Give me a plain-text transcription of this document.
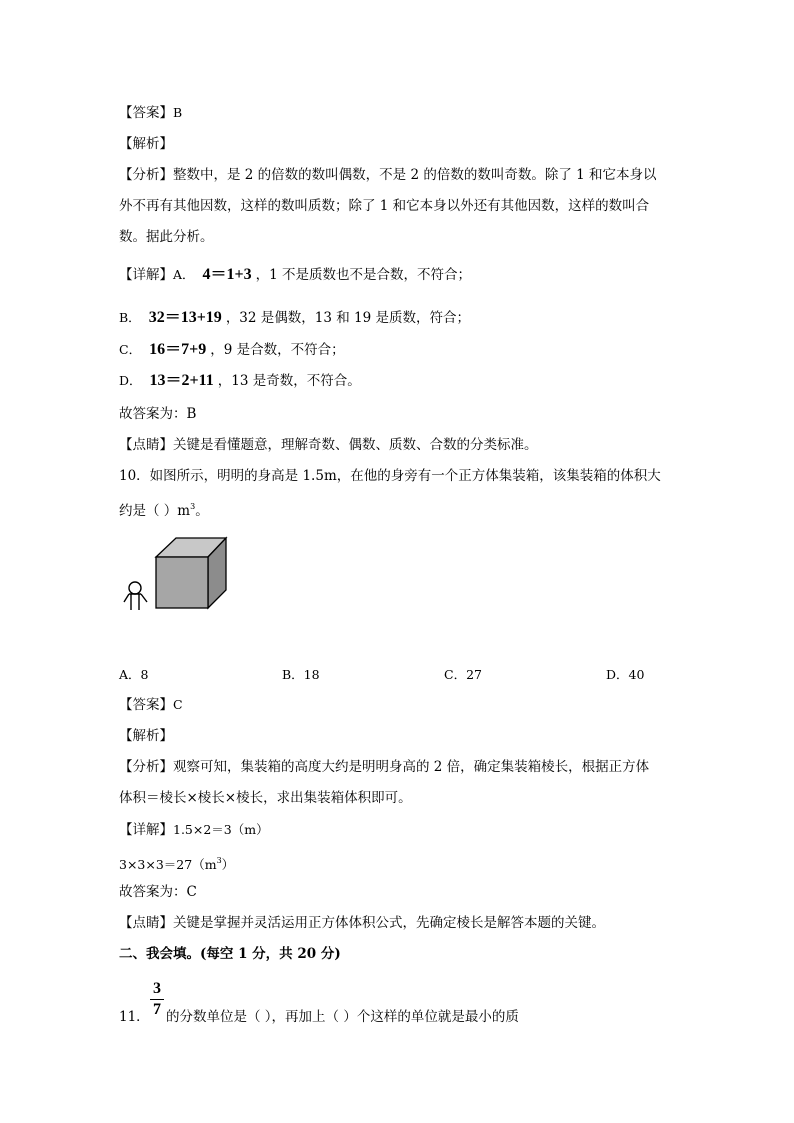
【答案】B
【解析】
【分析】整数中，是 2 的倍数的数叫偶数，不是 2 的倍数的数叫奇数。除了 1 和它本身以
外不再有其他因数，这样的数叫质数；除了 1 和它本身以外还有其他因数，这样的数叫合
数。据此分析。
【详解】A． 4＝1+3 ，1 不是质数也不是合数，不符合；
B． 32＝13+19 ，32 是偶数，13 和 19 是质数，符合；
C． 16＝7+9 ，9 是合数，不符合；
D． 13＝2+11 ，13 是奇数，不符合。
故答案为：B
【点睛】关键是看懂题意，理解奇数、偶数、质数、合数的分类标准。
10．如图所示，明明的身高是 1.5m，在他的身旁有一个正方体集装箱，该集装箱的体积大
约是（ ）$m^3$。
A．8	B．18	C．27	D．40
【答案】C
【解析】
【分析】观察可知，集装箱的高度大约是明明身高的 2 倍，确定集装箱棱长，根据正方体
体积＝棱长×棱长×棱长，求出集装箱体积即可。
【详解】1.5×2＝3（m）
$3\times 3\times 3=27(m^3)$
故答案为：C
【点睛】关键是掌握并灵活运用正方体体积公式，先确定棱长是解答本题的关键。
二、我会填。(每空 1 分，共 20 分)
3
7
11． 的分数单位是（ ），再加上（ ）个这样的单位就是最小的质
